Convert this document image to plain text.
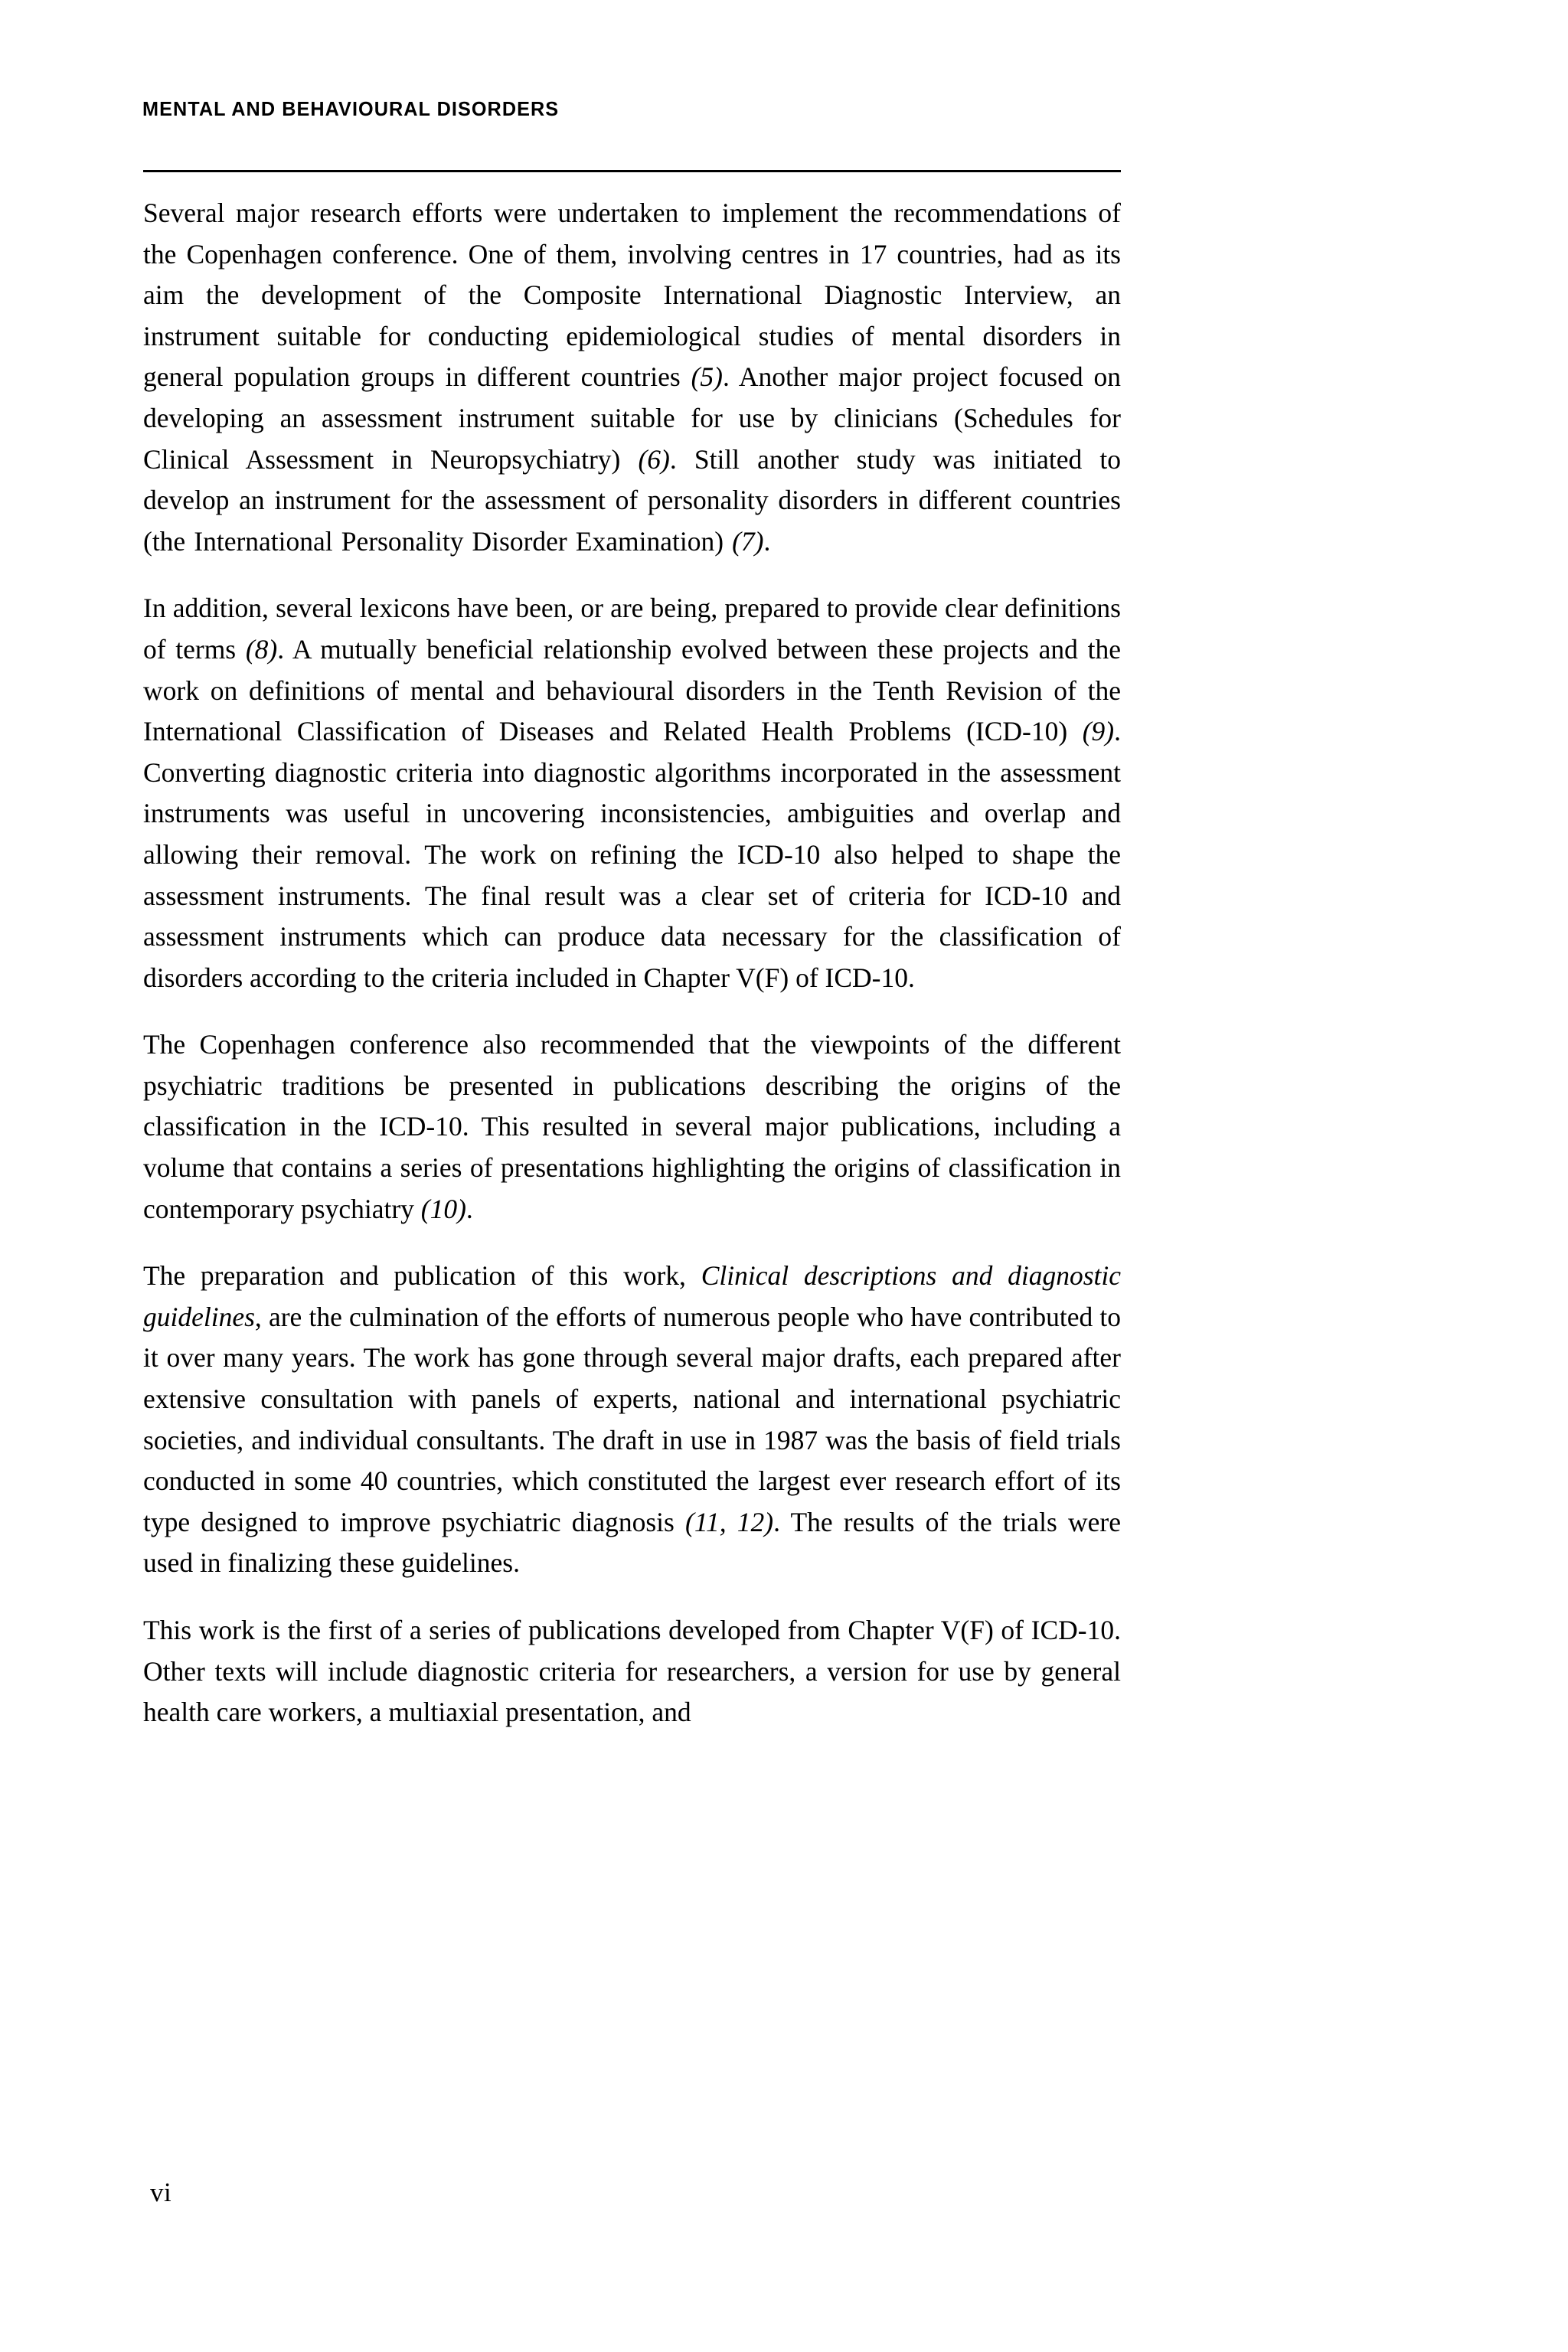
MENTAL AND BEHAVIOURAL DISORDERS

Several major research efforts were undertaken to implement the recommendations of the Copenhagen conference. One of them, involving centres in 17 countries, had as its aim the development of the Composite International Diagnostic Interview, an instrument suitable for conducting epidemiological studies of mental disorders in general population groups in different countries (5). Another major project focused on developing an assessment instrument suitable for use by clinicians (Schedules for Clinical Assessment in Neuropsychiatry) (6). Still another study was initiated to develop an instrument for the assessment of personality disorders in different countries (the International Personality Disorder Examination) (7).

In addition, several lexicons have been, or are being, prepared to provide clear definitions of terms (8). A mutually beneficial relationship evolved between these projects and the work on definitions of mental and behavioural disorders in the Tenth Revision of the International Classification of Diseases and Related Health Problems (ICD-10) (9). Converting diagnostic criteria into diagnostic algorithms incorporated in the assessment instruments was useful in uncovering inconsistencies, ambiguities and overlap and allowing their removal. The work on refining the ICD-10 also helped to shape the assessment instruments. The final result was a clear set of criteria for ICD-10 and assessment instruments which can produce data necessary for the classification of disorders according to the criteria included in Chapter V(F) of ICD-10.

The Copenhagen conference also recommended that the viewpoints of the different psychiatric traditions be presented in publications describing the origins of the classification in the ICD-10. This resulted in several major publications, including a volume that contains a series of presentations highlighting the origins of classification in contemporary psychiatry (10).

The preparation and publication of this work, Clinical descriptions and diagnostic guidelines, are the culmination of the efforts of numerous people who have contributed to it over many years. The work has gone through several major drafts, each prepared after extensive consultation with panels of experts, national and international psychiatric societies, and individual consultants. The draft in use in 1987 was the basis of field trials conducted in some 40 countries, which constituted the largest ever research effort of its type designed to improve psychiatric diagnosis (11, 12). The results of the trials were used in finalizing these guidelines.

This work is the first of a series of publications developed from Chapter V(F) of ICD-10. Other texts will include diagnostic criteria for researchers, a version for use by general health care workers, a multiaxial presentation, and

vi
